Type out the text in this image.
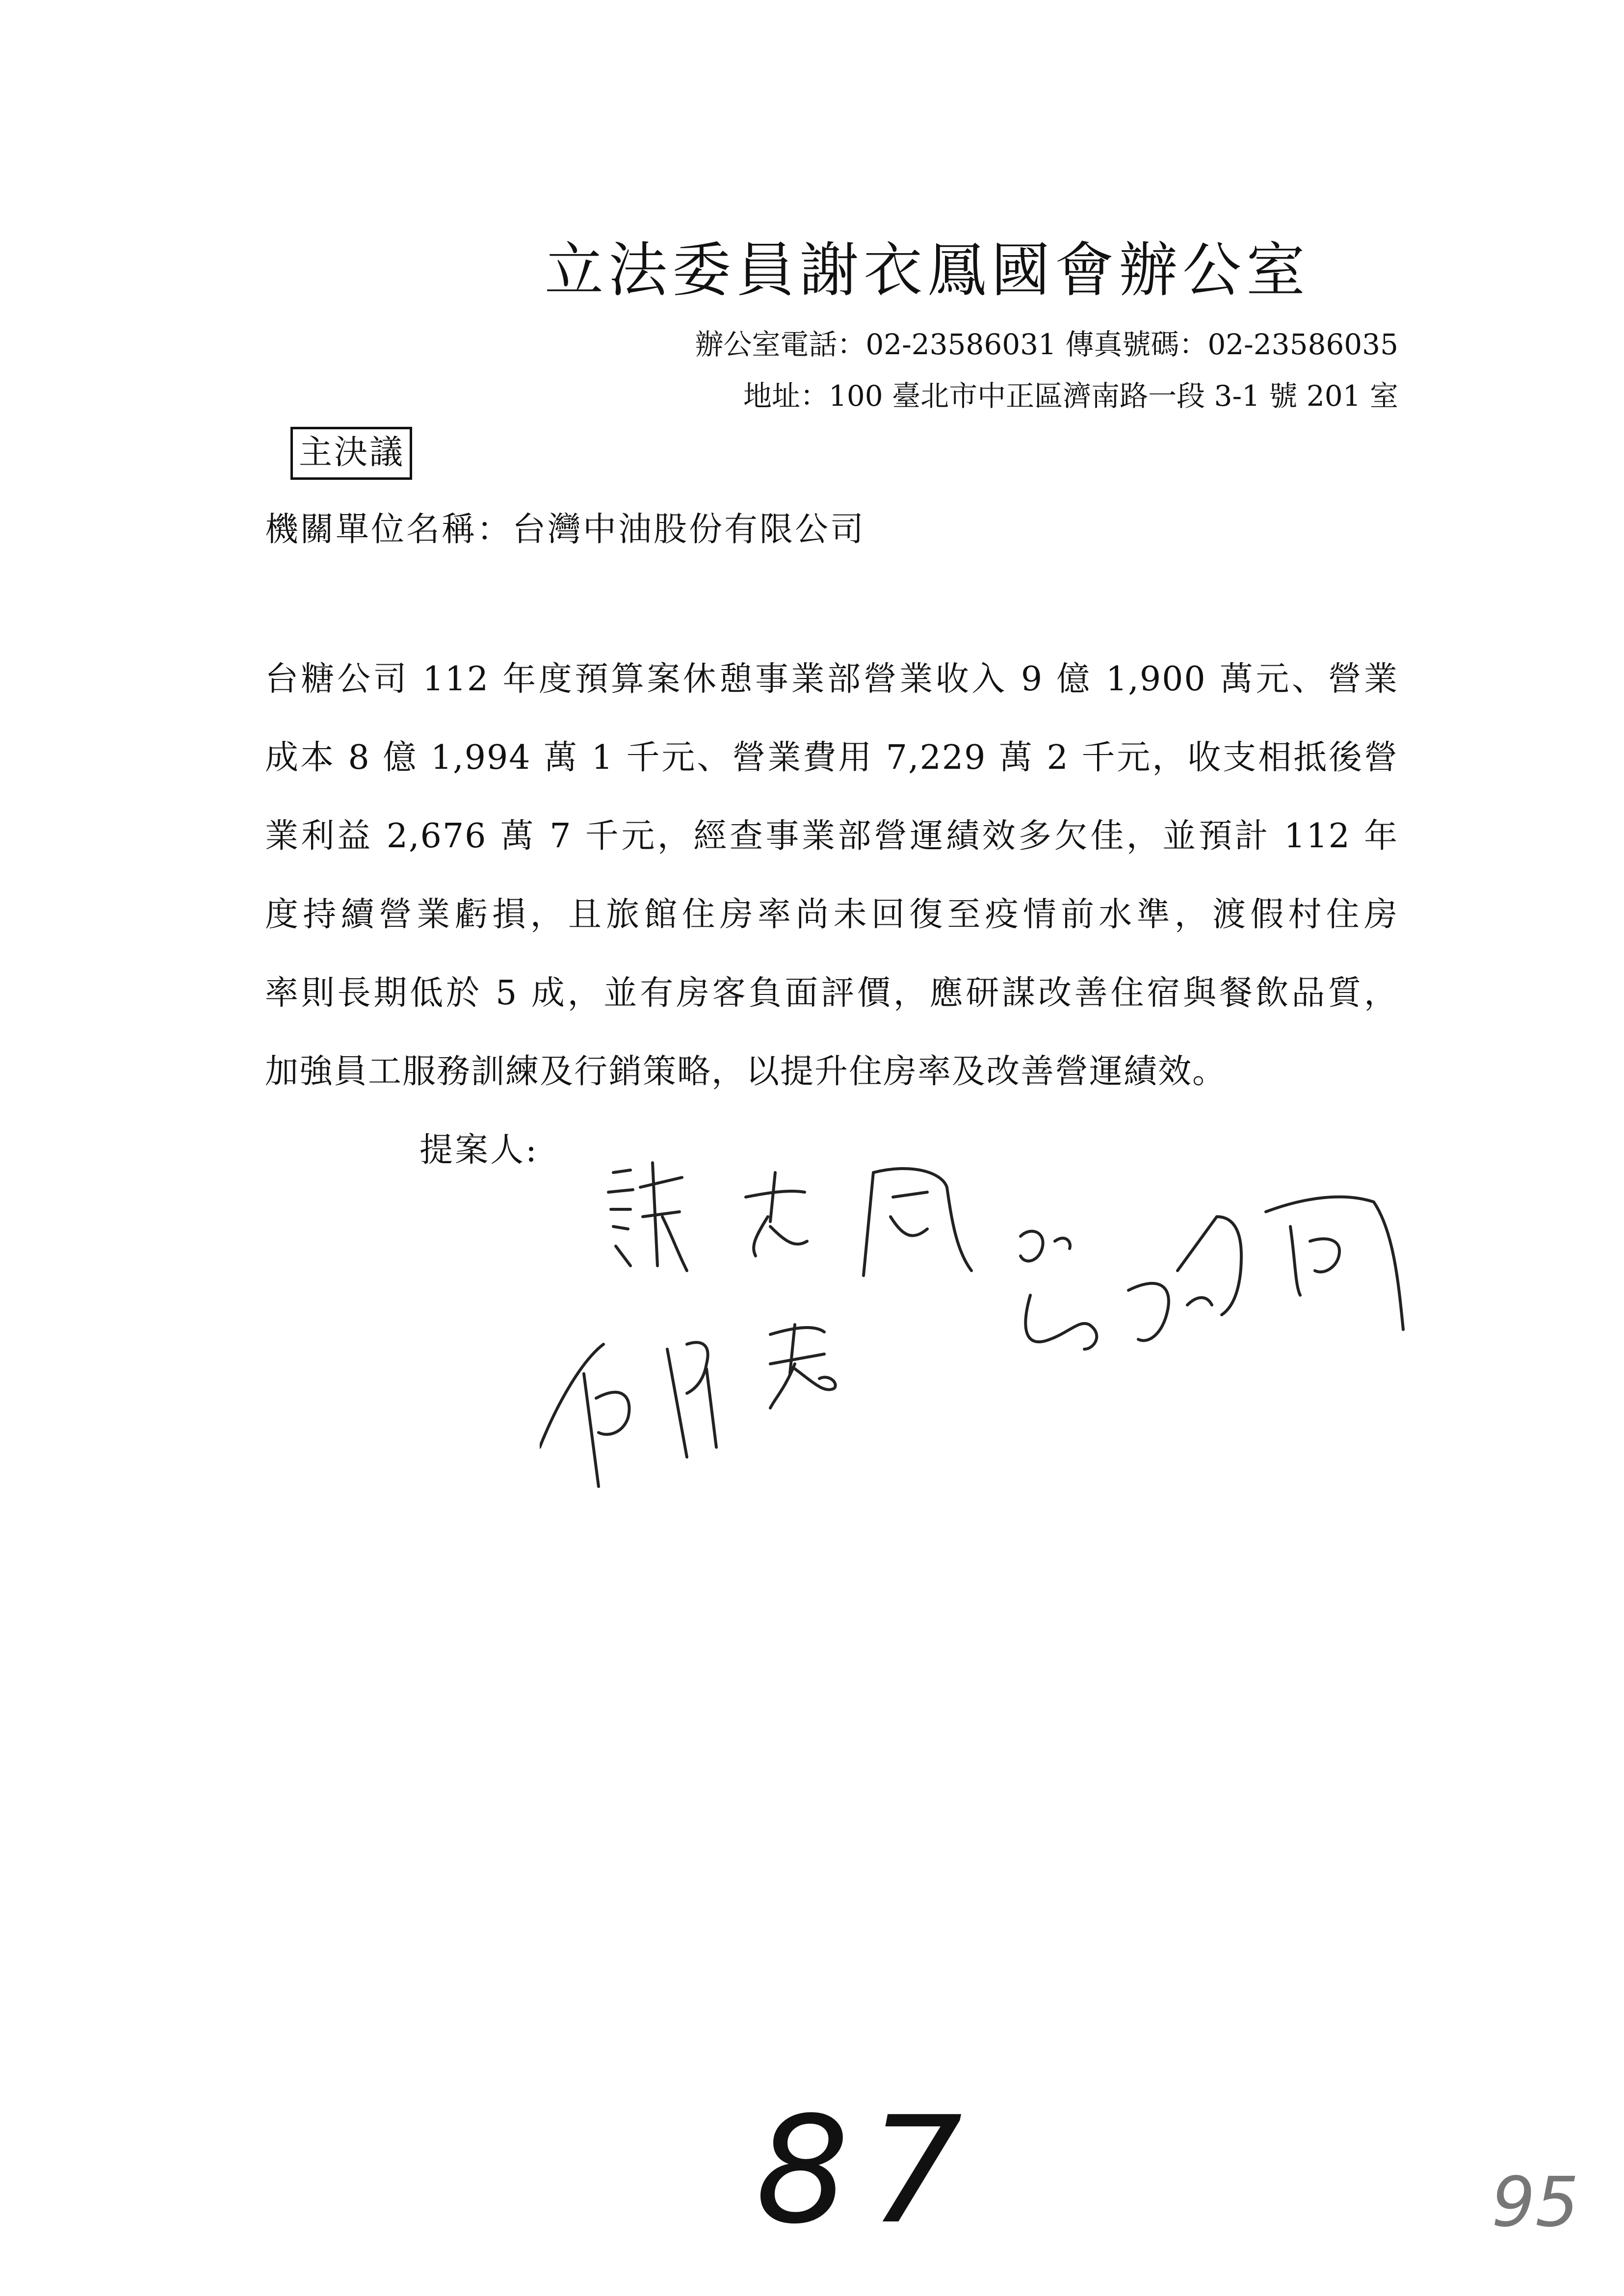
立法委員謝衣鳳國會辦公室
辦公室電話：02-23586031 傳真號碼：02-23586035
地址：100 臺北市中正區濟南路一段 3-1 號 201 室
主決議
機關單位名稱：台灣中油股份有限公司
台糖公司 112 年度預算案休憩事業部營業收入 9 億 1,900 萬元、營業
成本 8 億 1,994 萬 1 千元、營業費用 7,229 萬 2 千元，收支相抵後營
業利益 2,676 萬 7 千元，經查事業部營運績效多欠佳，並預計 112 年
度持續營業虧損，且旅館住房率尚未回復至疫情前水準，渡假村住房
率則長期低於 5 成，並有房客負面評價，應研謀改善住宿與餐飲品質，
加強員工服務訓練及行銷策略，以提升住房率及改善營運績效。
提案人:
87	95
